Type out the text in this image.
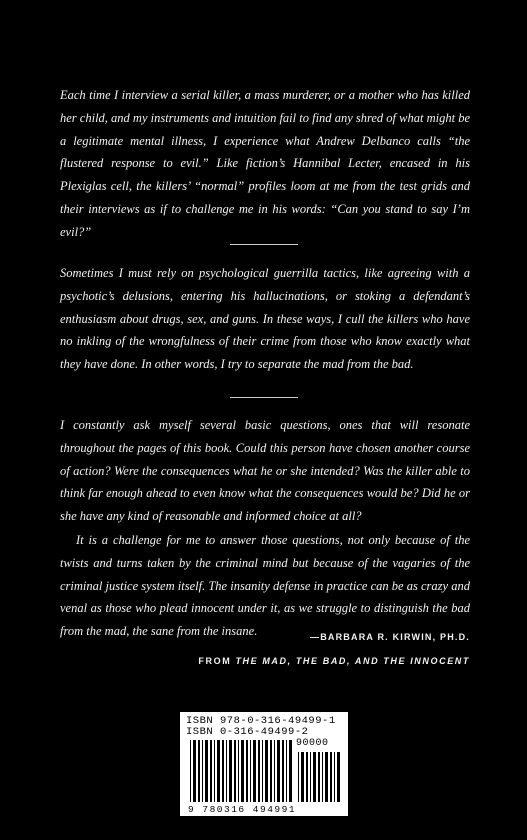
Each time I interview a serial killer, a mass murderer, or a mother who has killed her child, and my instruments and intuition fail to find any shred of what might be a legitimate mental illness, I experience what Andrew Delbanco calls “the flustered response to evil.” Like fiction’s Hannibal Lecter, encased in his Plexiglas cell, the killers’ “normal” profiles loom at me from the test grids and their interviews as if to challenge me in his words: “Can you stand to say I’m evil?”

Sometimes I must rely on psychological guerrilla tactics, like agreeing with a psychotic’s delusions, entering his hallucinations, or stoking a defendant’s enthusiasm about drugs, sex, and guns. In these ways, I cull the killers who have no inkling of the wrongfulness of their crime from those who know exactly what they have done. In other words, I try to separate the mad from the bad.

I constantly ask myself several basic questions, ones that will resonate throughout the pages of this book. Could this person have chosen another course of action? Were the consequences what he or she intended? Was the killer able to think far enough ahead to even know what the consequences would be? Did he or she have any kind of reasonable and informed choice at all?

It is a challenge for me to answer those questions, not only because of the twists and turns taken by the criminal mind but because of the vagaries of the criminal justice system itself. The insanity defense in practice can be as crazy and venal as those who plead innocent under it, as we struggle to distinguish the bad from the mad, the sane from the insane.	—BARBARA R. KIRWIN, PH.D.
FROM THE MAD, THE BAD, AND THE INNOCENT
ISBN 978-0-316-49499-1
ISBN 0-316-49499-2
90000
9 780316 494991
